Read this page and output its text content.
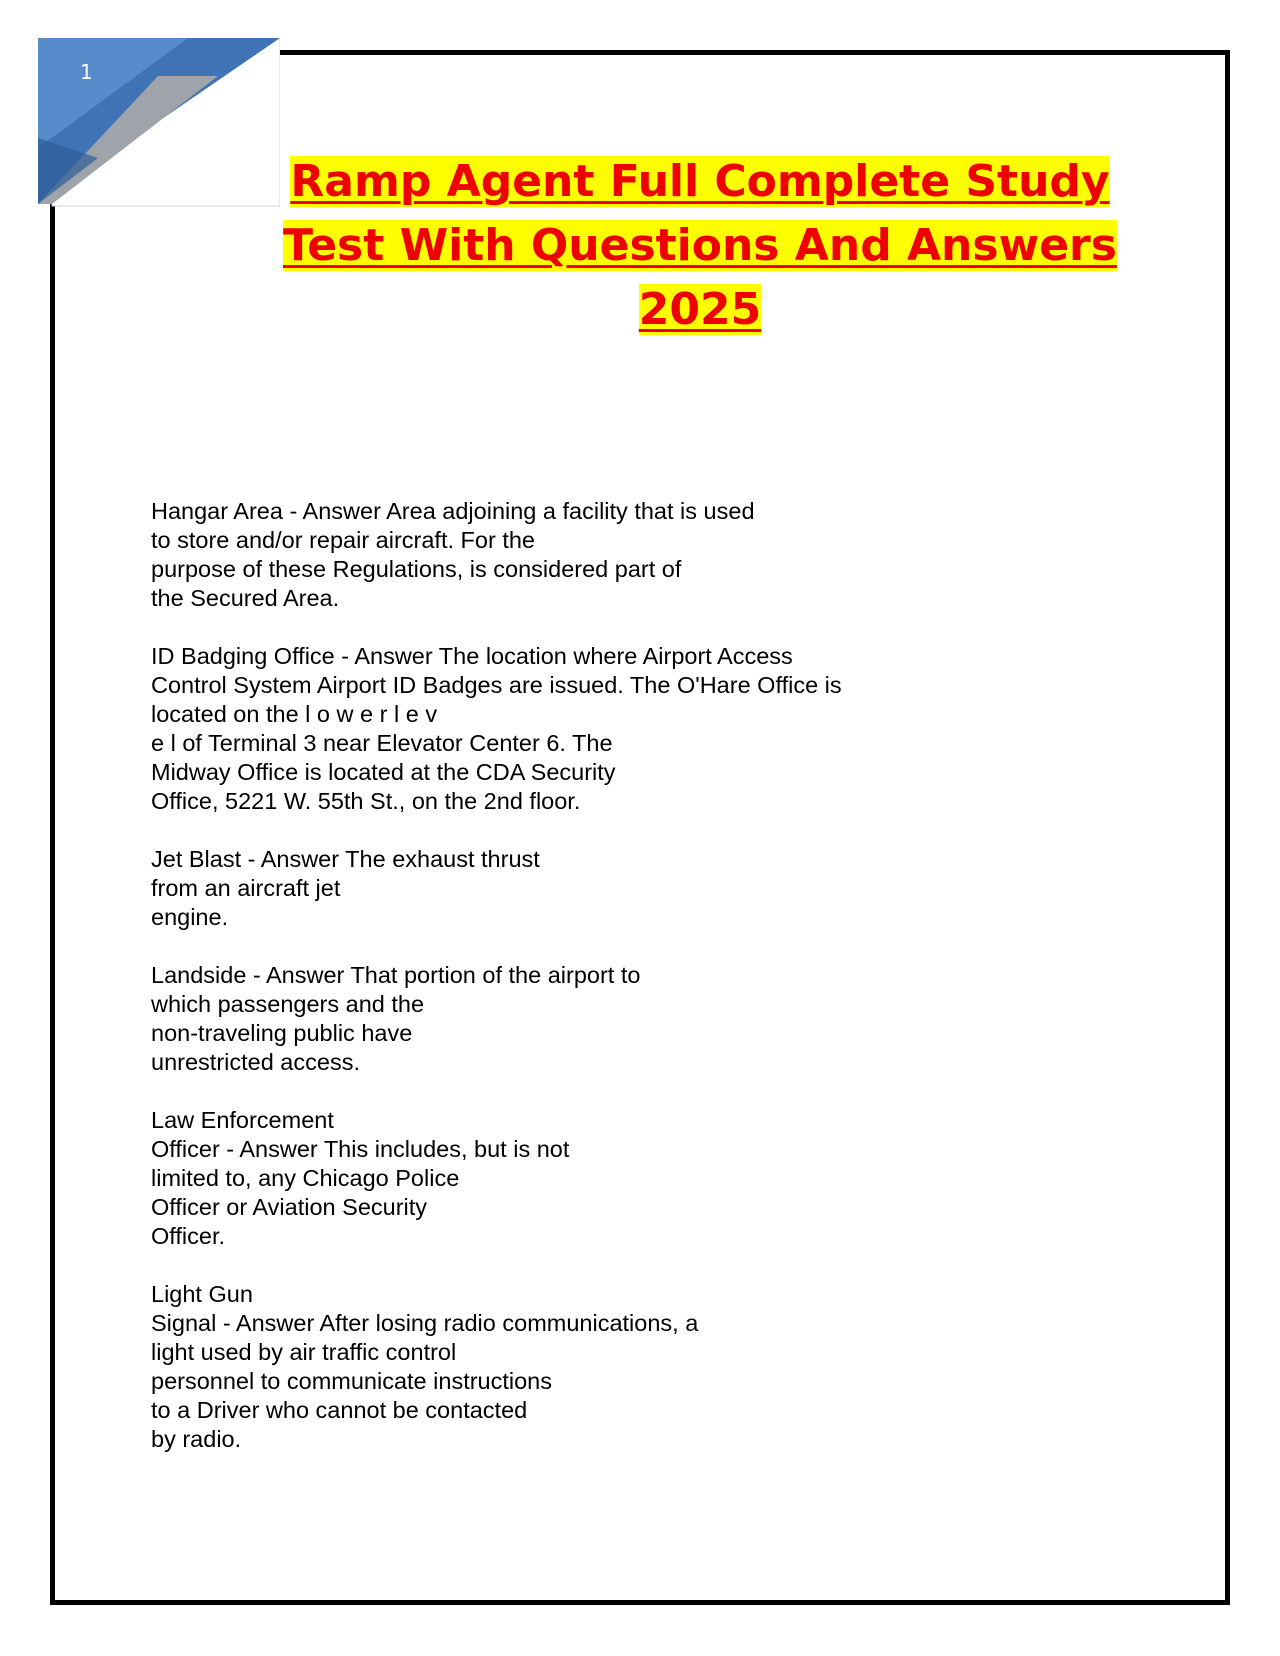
1
Ramp Agent Full Complete Study
Test With Questions And Answers
2025
Hangar Area - Answer Area adjoining a facility that is used
to store and/or repair aircraft. For the
purpose of these Regulations, is considered part of
the Secured Area.
ID Badging Office - Answer The location where Airport Access
Control System Airport ID Badges are issued. The O'Hare Office is
located on the l o w e r l e v
e l of Terminal 3 near Elevator Center 6. The
Midway Office is located at the CDA Security
Office, 5221 W. 55th St., on the 2nd floor.
Jet Blast - Answer The exhaust thrust
from an aircraft jet
engine.
Landside - Answer That portion of the airport to
which passengers and the
non-traveling public have
unrestricted access.
Law Enforcement
Officer - Answer This includes, but is not
limited to, any Chicago Police
Officer or Aviation Security
Officer.
Light Gun
Signal - Answer After losing radio communications, a
light used by air traffic control
personnel to communicate instructions
to a Driver who cannot be contacted
by radio.
